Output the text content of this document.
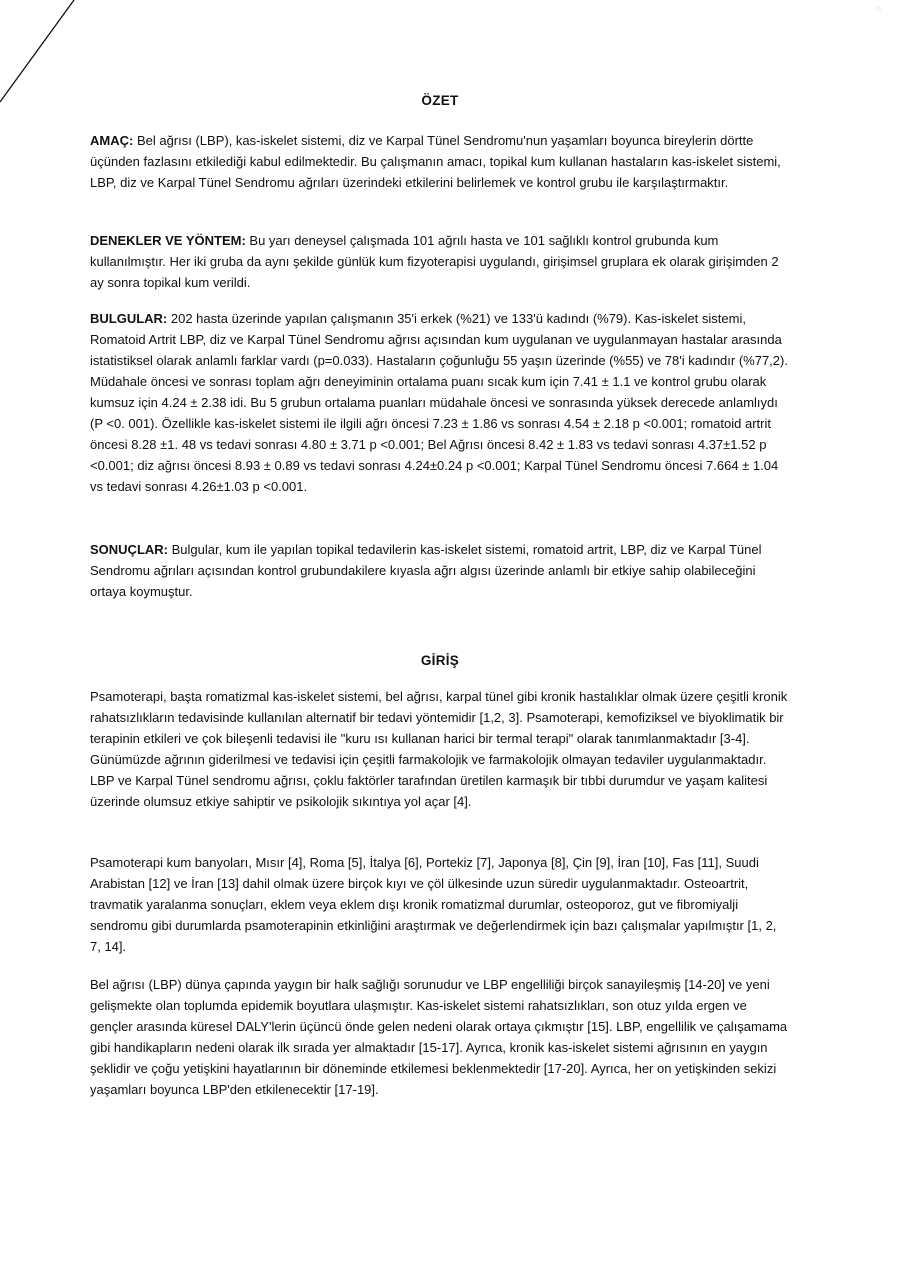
⁘
ÖZET
AMAÇ: Bel ağrısı (LBP), kas-iskelet sistemi, diz ve Karpal Tünel Sendromu'nun yaşamları boyunca bireylerin dörtte üçünden fazlasını etkilediği kabul edilmektedir. Bu çalışmanın amacı, topikal kum kullanan hastaların kas-iskelet sistemi, LBP, diz ve Karpal Tünel Sendromu ağrıları üzerindeki etkilerini belirlemek ve kontrol grubu ile karşılaştırmaktır.
DENEKLER VE YÖNTEM: Bu yarı deneysel çalışmada 101 ağrılı hasta ve 101 sağlıklı kontrol grubunda kum kullanılmıştır. Her iki gruba da aynı şekilde günlük kum fizyoterapisi uygulandı, girişimsel gruplara ek olarak girişimden 2 ay sonra topikal kum verildi.
BULGULAR: 202 hasta üzerinde yapılan çalışmanın 35'i erkek (%21) ve 133'ü kadındı (%79). Kas-iskelet sistemi, Romatoid Artrit LBP, diz ve Karpal Tünel Sendromu ağrısı açısından kum uygulanan ve uygulanmayan hastalar arasında istatistiksel olarak anlamlı farklar vardı (p=0.033). Hastaların çoğunluğu 55 yaşın üzerinde (%55) ve 78'i kadındır (%77,2). Müdahale öncesi ve sonrası toplam ağrı deneyiminin ortalama puanı sıcak kum için 7.41 ± 1.1 ve kontrol grubu olarak kumsuz için 4.24 ± 2.38 idi. Bu 5 grubun ortalama puanları müdahale öncesi ve sonrasında yüksek derecede anlamlıydı (P <0. 001). Özellikle kas-iskelet sistemi ile ilgili ağrı öncesi 7.23 ± 1.86 vs sonrası 4.54 ± 2.18 p <0.001; romatoid artrit öncesi 8.28 ±1. 48 vs tedavi sonrası 4.80 ± 3.71 p <0.001; Bel Ağrısı öncesi 8.42 ± 1.83 vs tedavi sonrası 4.37±1.52 p <0.001; diz ağrısı öncesi 8.93 ± 0.89 vs tedavi sonrası 4.24±0.24 p <0.001; Karpal Tünel Sendromu öncesi 7.664 ± 1.04 vs tedavi sonrası 4.26±1.03 p <0.001.
SONUÇLAR: Bulgular, kum ile yapılan topikal tedavilerin kas-iskelet sistemi, romatoid artrit, LBP, diz ve Karpal Tünel Sendromu ağrıları açısından kontrol grubundakilere kıyasla ağrı algısı üzerinde anlamlı bir etkiye sahip olabileceğini ortaya koymuştur.
GİRİŞ
Psamoterapi, başta romatizmal kas-iskelet sistemi, bel ağrısı, karpal tünel gibi kronik hastalıklar olmak üzere çeşitli kronik rahatsızlıkların tedavisinde kullanılan alternatif bir tedavi yöntemidir [1,2, 3]. Psamoterapi, kemofiziksel ve biyoklimatik bir terapinin etkileri ve çok bileşenli tedavisi ile "kuru ısı kullanan harici bir termal terapi" olarak tanımlanmaktadır [3-4]. Günümüzde ağrının giderilmesi ve tedavisi için çeşitli farmakolojik ve farmakolojik olmayan tedaviler uygulanmaktadır. LBP ve Karpal Tünel sendromu ağrısı, çoklu faktörler tarafından üretilen karmaşık bir tıbbi durumdur ve yaşam kalitesi üzerinde olumsuz etkiye sahiptir ve psikolojik sıkıntıya yol açar [4].
Psamoterapi kum banyoları, Mısır [4], Roma [5], İtalya [6], Portekiz [7], Japonya [8], Çin [9], İran [10], Fas [11], Suudi Arabistan [12] ve İran [13] dahil olmak üzere birçok kıyı ve çöl ülkesinde uzun süredir uygulanmaktadır. Osteoartrit, travmatik yaralanma sonuçları, eklem veya eklem dışı kronik romatizmal durumlar, osteoporoz, gut ve fibromiyalji sendromu gibi durumlarda psamoterapinin etkinliğini araştırmak ve değerlendirmek için bazı çalışmalar yapılmıştır [1, 2, 7, 14].
Bel ağrısı (LBP) dünya çapında yaygın bir halk sağlığı sorunudur ve LBP engelliliği birçok sanayileşmiş [14-20] ve yeni gelişmekte olan toplumda epidemik boyutlara ulaşmıştır. Kas-iskelet sistemi rahatsızlıkları, son otuz yılda ergen ve gençler arasında küresel DALY'lerin üçüncü önde gelen nedeni olarak ortaya çıkmıştır [15]. LBP, engellilik ve çalışamama gibi handikapların nedeni olarak ilk sırada yer almaktadır [15-17]. Ayrıca, kronik kas-iskelet sistemi ağrısının en yaygın şeklidir ve çoğu yetişkini hayatlarının bir döneminde etkilemesi beklenmektedir [17-20]. Ayrıca, her on yetişkinden sekizi yaşamları boyunca LBP'den etkilenecektir [17-19].
